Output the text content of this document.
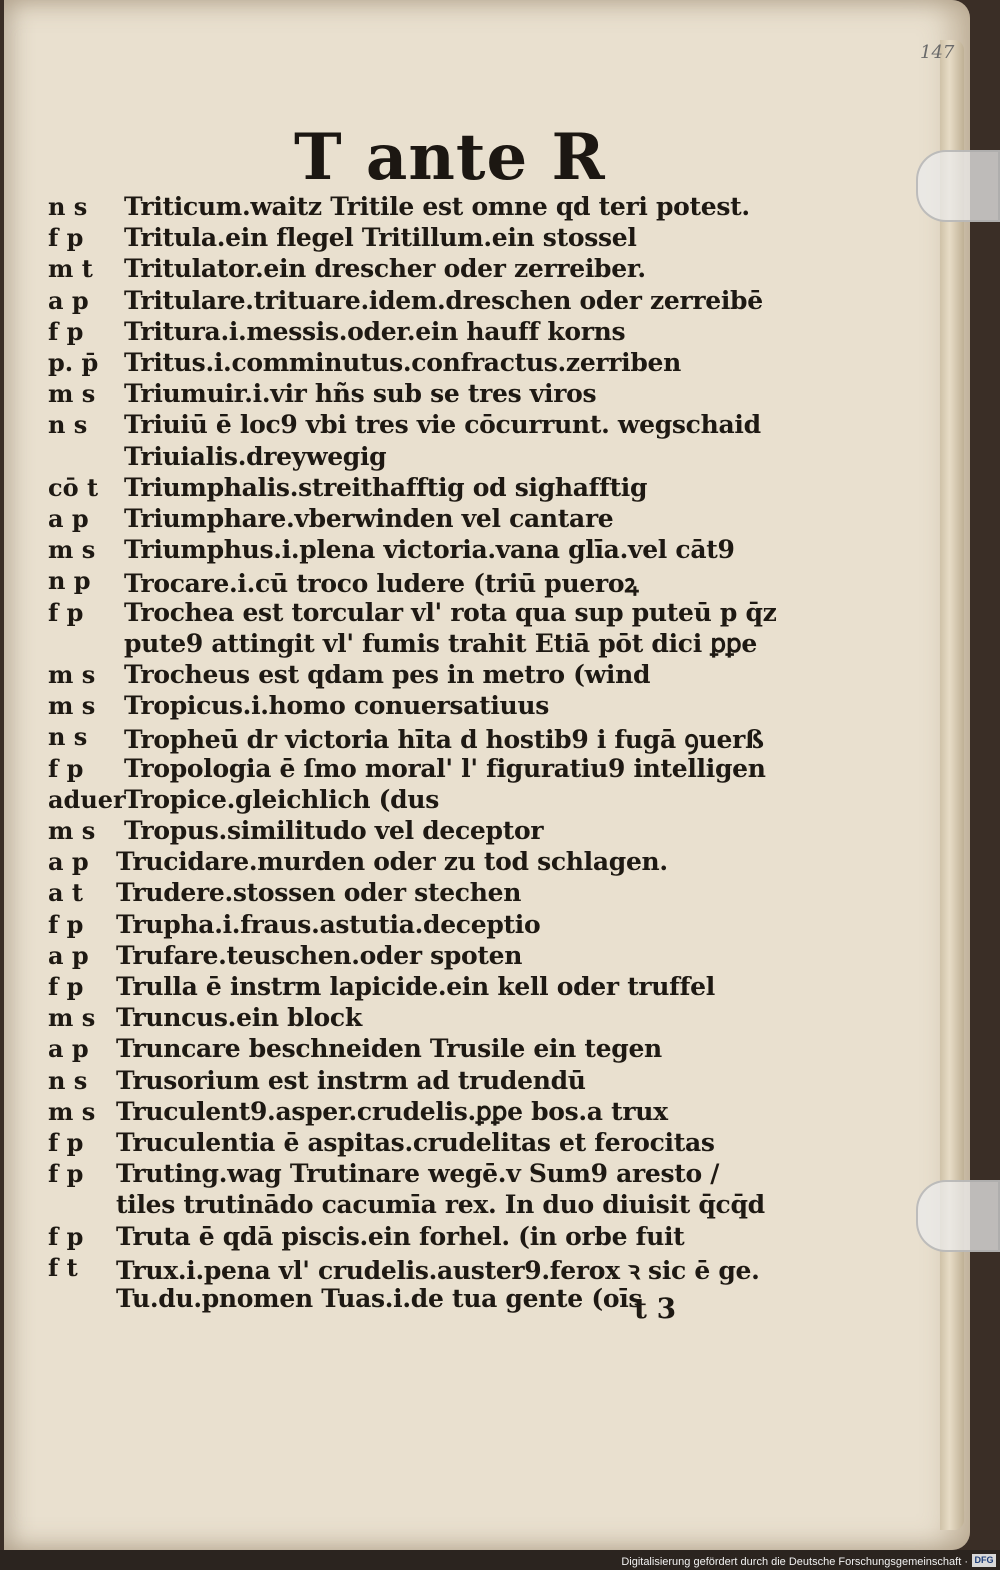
147
T ante R
n s Triticum.waitz Tritile est omne qd teri potest.
f p Tritula.ein flegel Tritillum.ein stossel
m t Tritulator.ein drescher oder zerreiber.
a p Tritulare.trituare.idem.dreschen oder zerreibē
f p Tritura.i.messis.oder.ein hauff korns
p. p̄ Tritus.i.comminutus.confractus.zerriben
m s Triumuir.i.vir hñs sub se tres viros
n s Triuiū ē loc9 vbi tres vie cōcurrunt. wegschaid
Triuialis.dreywegig
cō t Triumphalis.streithafftig od sighafftig
a p Triumphare.vberwinden vel cantare
m s Triumphus.i.plena victoria.vana glīa.vel cāt9
n p Trocare.i.cū troco ludere (triū pueroꝝ
f p Trochea est torcular vl' rota qua sup puteū p q̄z
pute9 attingit vl' fumis trahit Etiā pōt dici ꝑꝑe
m s Trocheus est qdam pes in metro (wind
m s Tropicus.i.homo conuersatiuus
n s Tropheū dr victoria hīta d hostib9 i fugā ꝯuerß
f p Tropologia ē ſmo moral' l' figuratiu9 intelligen
aduer
Tropice.gleichlich (dus
m s Tropus.similitudo vel deceptor
a p Trucidare.murden oder zu tod schlagen.
a t Trudere.stossen oder stechen
f p Trupha.i.fraus.astutia.deceptio
a p Trufare.teuschen.oder spoten
f p Trulla ē instrm lapicide.ein kell oder truffel
m s Truncus.ein block
a p Truncare beschneiden Trusile ein tegen
n s Trusorium est instrm ad trudendū
m s Truculent9.asper.crudelis.ꝑꝑe bos.a trux
f p Truculentia ē aspitas.crudelitas et ferocitas
f p Truting.wag Trutinare wegē.v Sum9 aresto /
tiles trutinādo cacumīa rex. In duo diuisit q̄cq̄d
f p Truta ē qdā piscis.ein forhel. (in orbe fuit
f t Trux.i.pena vl' crudelis.auster9.ferox ꝛ sic ē ge.
Tu.du.pnomen Tuas.i.de tua gente (oīs
t 3
Digitalisierung gefördert durch die Deutsche Forschungsgemeinschaft · DFG
